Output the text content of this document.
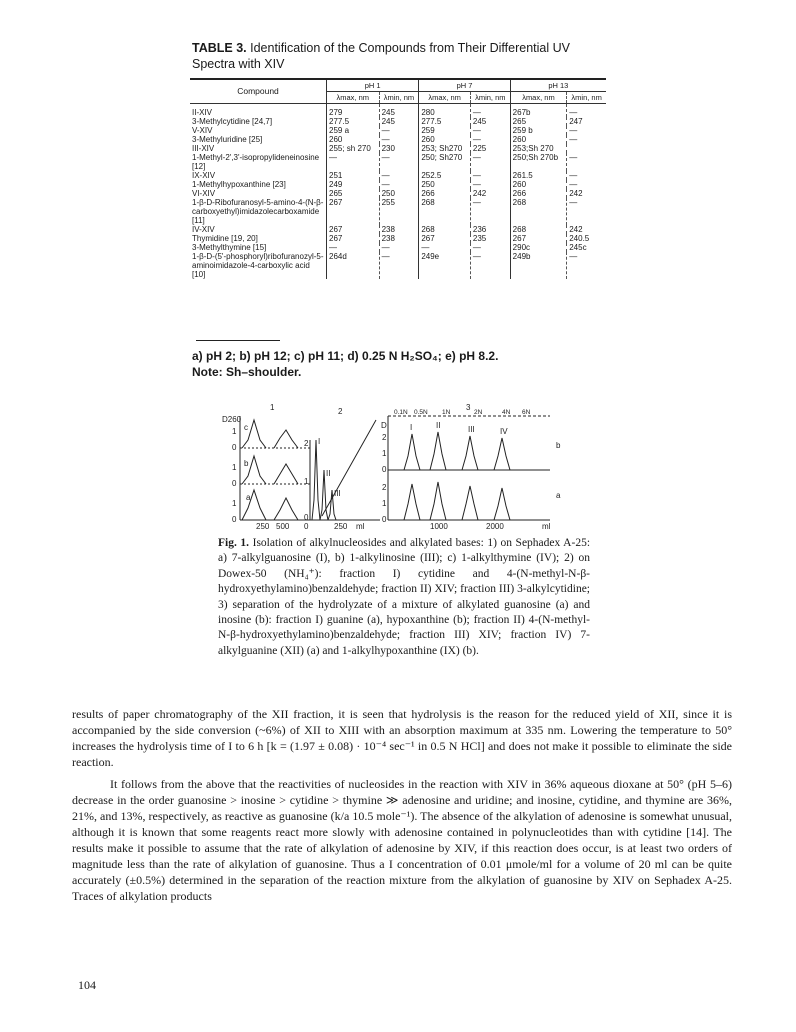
TABLE 3. Identification of the Compounds from Their Differential UV Spectra with XIV
Compound	pH 1		pH 7		pH 13	
	λmax, nm	λmin, nm	λmax, nm	λmin, nm	λmax, nm	λmin, nm
II-XIV	279	245	280	—	267b	—
3-Methylcytidine [24,7]	277.5	245	277.5	245	265	247
V-XIV	259 a	—	259	—	259 b	—
3-Methyluridine [25]	260	—	260	—	260	—
III-XIV	255; sh 270	230	253; Sh270	225	253;Sh 270	
1-Methyl-2',3'-isopropylideneinosine [12]	—	—	250; Sh270	—	250;Sh 270b	—
IX-XIV	251	—	252.5	—	261.5	—
1-Methylhypoxanthine [23]	249	—	250	—	260	—
VI-XIV	265	250	266	242	266	242
1-β-D-Ribofuranosyl-5-amino-4-(N-β-carboxyethyl)imidazolecarboxamide [11]	267	255	268	—	268	—
IV-XIV	267	238	268	236	268	242
Thymidine [19, 20]	267	238	267	235	267	240.5
3-Methylthymine [15]	—	—	—	—	290c	245c
1-β-D-(5'-phosphoryl)ribofuranozyl-5-aminoimidazole-4-carboxylic acid [10]	264d	—	249e	—	249b	—
a) pH 2; b) pH 12; c) pH 11; d) 0.25 N H₂SO₄; e) pH 8.2.
Note: Sh–shoulder.
1	2	3
D260
c
b
a
1
0
1
0
1
0
250 500 0
I
II
III
2
1
0
250 ml
0.1N 0.5N 1N	2N	4N 6N
D
b
a
I	II	III	IV
2
1
0
2
1
0
1000	2000	ml
Fig. 1. Isolation of alkylnucleosides and alkylated bases: 1) on Sephadex A-25: a) 7-alkylguanosine (I), b) 1-alkylinosine (III); c) 1-alkylthymine (IV); 2) on Dowex-50 (NH₄⁺): fraction I) cytidine and 4-(N-methyl-N-β-hydroxyethylamino)benzaldehyde; fraction II) XIV; fraction III) 3-alkylcytidine; 3) separation of the hydrolyzate of a mixture of alkylated guanosine (a) and inosine (b): fraction I) guanine (a), hypoxanthine (b); fraction II) 4-(N-methyl-N-β-hydroxyethylamino)benzaldehyde; fraction III) XIV; fraction IV) 7-alkylguanine (XII) (a) and 1-alkylhypoxanthine (IX) (b).
results of paper chromatography of the XII fraction, it is seen that hydrolysis is the reason for the reduced yield of XII, since it is accompanied by the side conversion (~6%) of XII to XIII with an absorption maximum at 335 nm. Lowering the temperature to 50° increases the hydrolysis time of I to 6 h [k = (1.97 ± 0.08) · 10⁻⁴ sec⁻¹ in 0.5 N HCl] and does not make it possible to eliminate the side reaction.
It follows from the above that the reactivities of nucleosides in the reaction with XIV in 36% aqueous dioxane at 50° (pH 5–6) decrease in the order guanosine > inosine > cytidine > thymine ≫ adenosine and uridine; and inosine, cytidine, and thymine are 36%, 21%, and 13%, respectively, as reactive as guanosine (k/a 10.5 mole⁻¹). The absence of the alkylation of adenosine is somewhat unusual, although it is known that some reagents react more slowly with adenosine contained in polynucleotides than with cytidine [14]. The results make it possible to assume that the rate of alkylation of adenosine by XIV, if this reaction does occur, is at least two orders of magnitude less than the rate of alkylation of guanosine. Thus a I concentration of 0.01 μmole/ml for a volume of 20 ml can be quite accurately (±0.5%) determined in the separation of the reaction mixture from the alkylation of guanosine by XIV on Sephadex A-25. Traces of alkylation products
104
